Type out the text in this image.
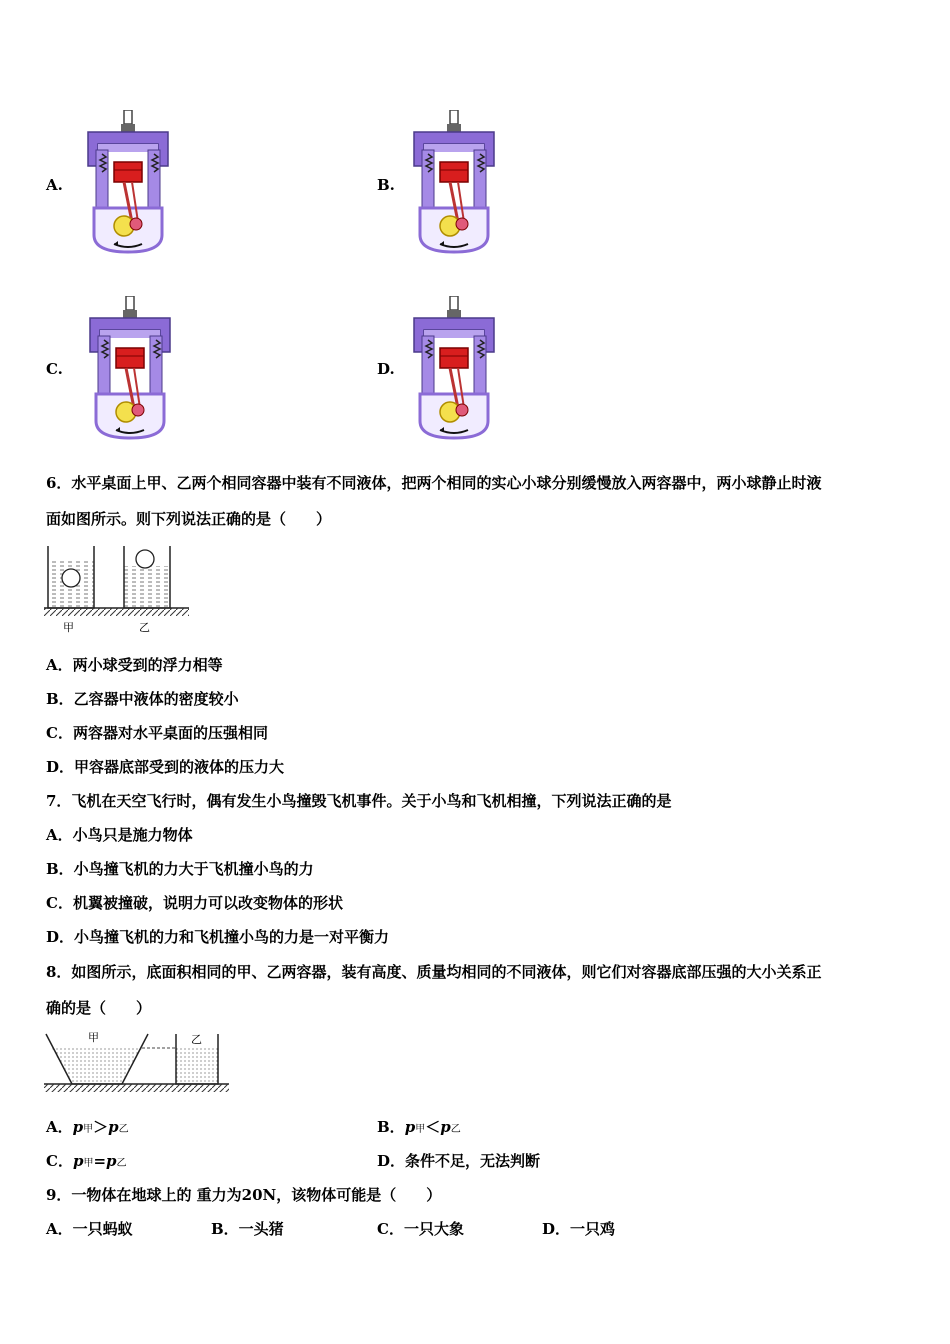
A.	B.
C.	D.
6．水平桌面上甲、乙两个相同容器中装有不同液体，把两个相同的实心小球分别缓慢放入两容器中，两小球静止时液
面如图所示。则下列说法正确的是（　　）
甲	乙
A．两小球受到的浮力相等
B．乙容器中液体的密度较小
C．两容器对水平桌面的压强相同
D．甲容器底部受到的液体的压力大
7．飞机在天空飞行时，偶有发生小鸟撞毁飞机事件。关于小鸟和飞机相撞，下列说法正确的是
A．小鸟只是施力物体
B．小鸟撞飞机的力大于飞机撞小鸟的力
C．机翼被撞破，说明力可以改变物体的形状
D．小鸟撞飞机的力和飞机撞小鸟的力是一对平衡力
8．如图所示，底面积相同的甲、乙两容器，装有高度、质量均相同的不同液体，则它们对容器底部压强的大小关系正
确的是（　　）
甲	乙
A．p甲＞p乙	B．p甲＜p乙
C．p甲=p乙	D．条件不足，无法判断
9．一物体在地球上的 重力为20N，该物体可能是（　　）
A．一只蚂蚁	B．一头猪	C．一只大象	D．一只鸡
